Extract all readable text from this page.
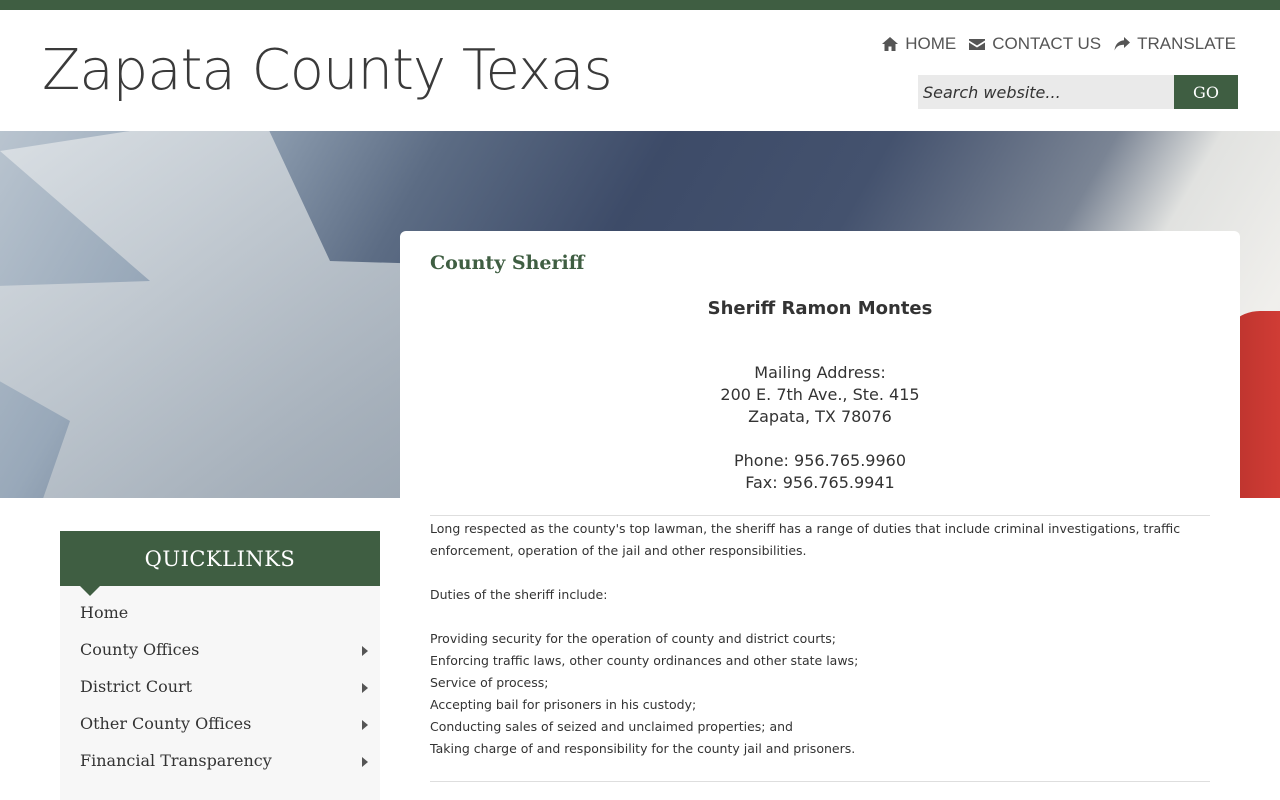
Zapata County Texas	HOME CONTACT US TRANSLATE
Search website...
GO
County Sheriff
Sheriff Ramon Montes
Mailing Address:
200 E. 7th Ave., Ste. 415
Zapata, TX 78076
Phone: 956.765.9960
Fax: 956.765.9941

Long respected as the county's top lawman, the sheriff has a range of duties that include criminal investigations, traffic enforcement, operation of the jail and other responsibilities.

Duties of the sheriff include:

Providing security for the operation of county and district courts;

Enforcing traffic laws, other county ordinances and other state laws;

Service of process;

Accepting bail for prisoners in his custody;

Conducting sales of seized and unclaimed properties; and

Taking charge of and responsibility for the county jail and prisoners.

QUICKLINKS
Home
County Offices
District Court
Other County Offices
Financial Transparency
